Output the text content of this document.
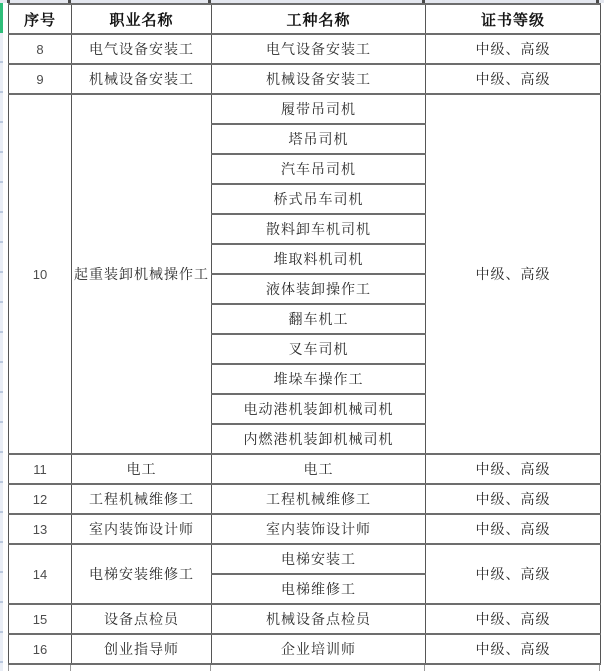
序号	职业名称	工种名称	证书等级
8	电气设备安装工	电气设备安装工	中级、高级
9	机械设备安装工	机械设备安装工	中级、高级
10	起重装卸机械操作工	履带吊司机	中级、高级
		塔吊司机	
		汽车吊司机	
		桥式吊车司机	
		散料卸车机司机	
		堆取料机司机	
		液体装卸操作工	
		翻车机工	
		叉车司机	
		堆垛车操作工	
		电动港机装卸机械司机	
		内燃港机装卸机械司机	
11	电工	电工	中级、高级
12	工程机械维修工	工程机械维修工	中级、高级
13	室内装饰设计师	室内装饰设计师	中级、高级
14	电梯安装维修工	电梯安装工	中级、高级
		电梯维修工	
15	设备点检员	机械设备点检员	中级、高级
16	创业指导师	企业培训师	中级、高级
